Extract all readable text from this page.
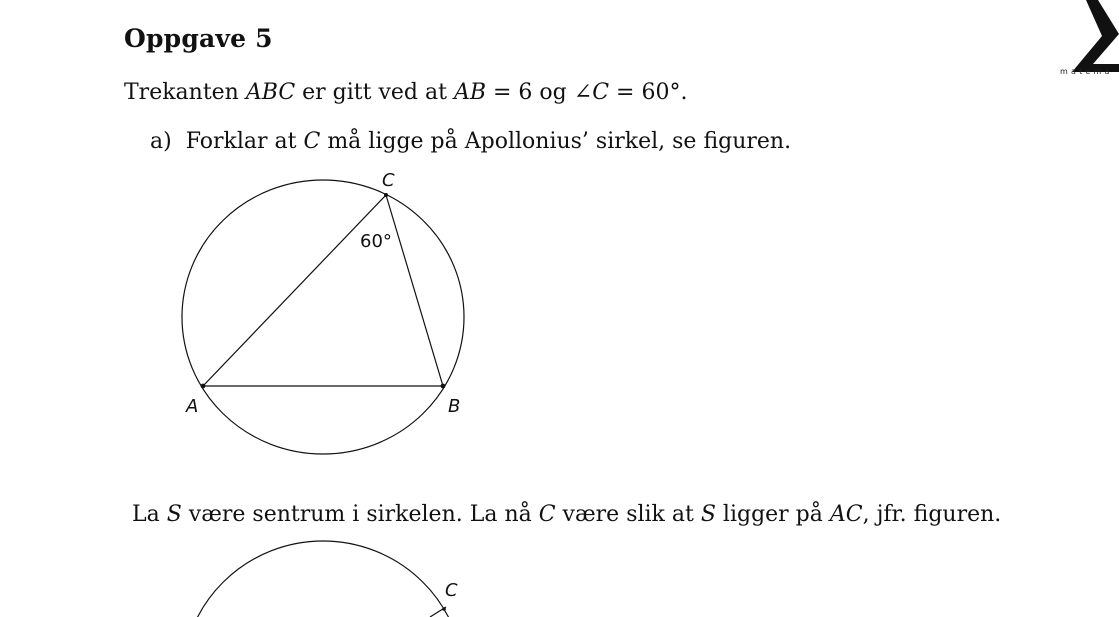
Oppgave 5

Trekanten ABC er gitt ved at AB = 6 og ∠C = 60°.

a) Forklar at C må ligge på Apollonius’ sirkel, se figuren.

A	B
C
60°
C

La S være sentrum i sirkelen. La nå C være slik at S ligger på AC, jfr. figuren.

matema
